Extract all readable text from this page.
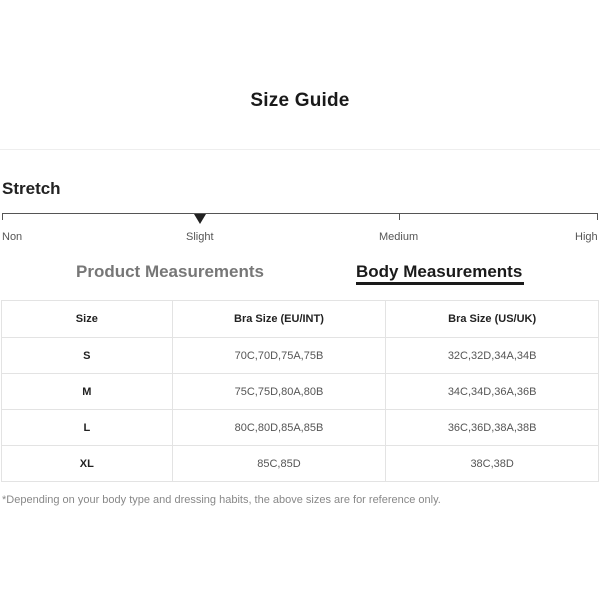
Size Guide
Stretch
Non	Slight	Medium	High
Product Measurements	Body Measurements
Size	Bra Size (EU/INT)	Bra Size (US/UK)
S	70C,70D,75A,75B	32C,32D,34A,34B
M	75C,75D,80A,80B	34C,34D,36A,36B
L	80C,80D,85A,85B	36C,36D,38A,38B
XL	85C,85D	38C,38D
*Depending on your body type and dressing habits, the above sizes are for reference only.
